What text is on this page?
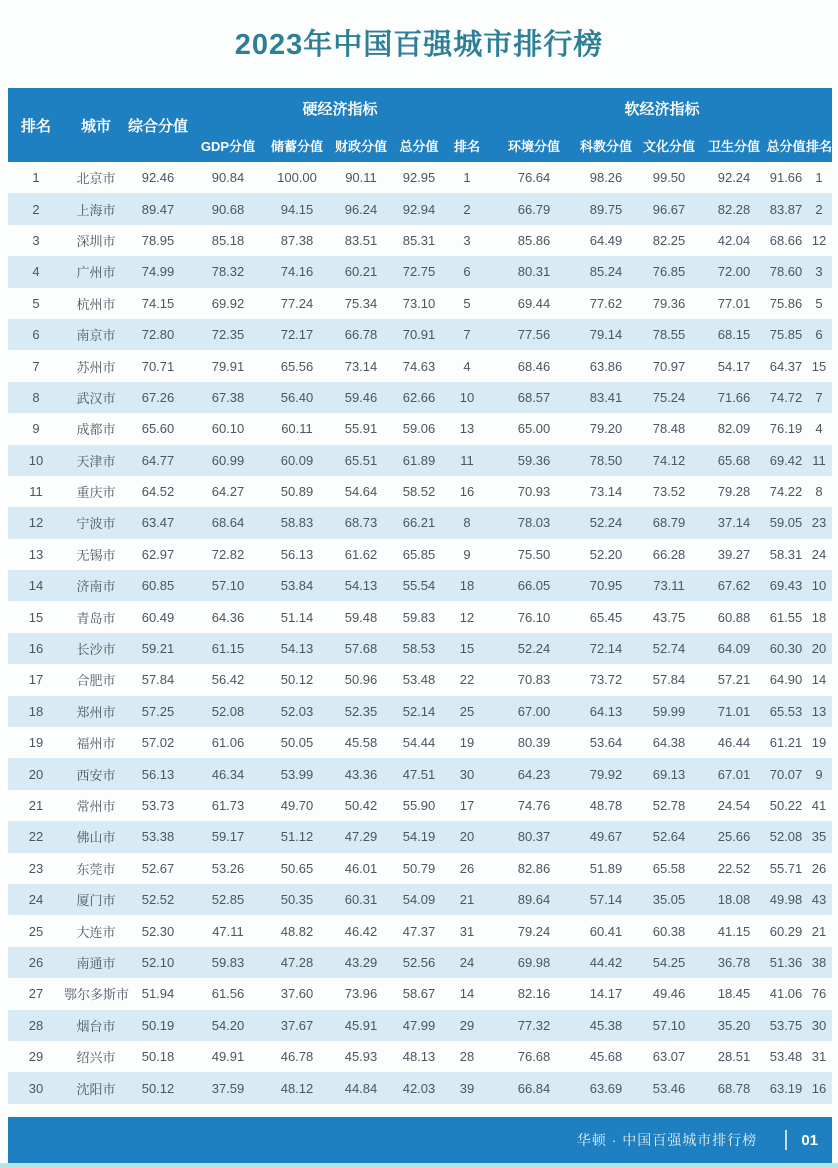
2023年中国百强城市排行榜
排名	城市	综合分值	硬经济指标					软经济指标					
			GDP分值	储蓄分值	财政分值	总分值	排名	环境分值	科教分值	文化分值	卫生分值	总分值	排名
1	北京市	92.46	90.84	100.00	90.11	92.95	1	76.64	98.26	99.50	92.24	91.66	1
2	上海市	89.47	90.68	94.15	96.24	92.94	2	66.79	89.75	96.67	82.28	83.87	2
3	深圳市	78.95	85.18	87.38	83.51	85.31	3	85.86	64.49	82.25	42.04	68.66	12
4	广州市	74.99	78.32	74.16	60.21	72.75	6	80.31	85.24	76.85	72.00	78.60	3
5	杭州市	74.15	69.92	77.24	75.34	73.10	5	69.44	77.62	79.36	77.01	75.86	5
6	南京市	72.80	72.35	72.17	66.78	70.91	7	77.56	79.14	78.55	68.15	75.85	6
7	苏州市	70.71	79.91	65.56	73.14	74.63	4	68.46	63.86	70.97	54.17	64.37	15
8	武汉市	67.26	67.38	56.40	59.46	62.66	10	68.57	83.41	75.24	71.66	74.72	7
9	成都市	65.60	60.10	60.11	55.91	59.06	13	65.00	79.20	78.48	82.09	76.19	4
10	天津市	64.77	60.99	60.09	65.51	61.89	11	59.36	78.50	74.12	65.68	69.42	11
11	重庆市	64.52	64.27	50.89	54.64	58.52	16	70.93	73.14	73.52	79.28	74.22	8
12	宁波市	63.47	68.64	58.83	68.73	66.21	8	78.03	52.24	68.79	37.14	59.05	23
13	无锡市	62.97	72.82	56.13	61.62	65.85	9	75.50	52.20	66.28	39.27	58.31	24
14	济南市	60.85	57.10	53.84	54.13	55.54	18	66.05	70.95	73.11	67.62	69.43	10
15	青岛市	60.49	64.36	51.14	59.48	59.83	12	76.10	65.45	43.75	60.88	61.55	18
16	长沙市	59.21	61.15	54.13	57.68	58.53	15	52.24	72.14	52.74	64.09	60.30	20
17	合肥市	57.84	56.42	50.12	50.96	53.48	22	70.83	73.72	57.84	57.21	64.90	14
18	郑州市	57.25	52.08	52.03	52.35	52.14	25	67.00	64.13	59.99	71.01	65.53	13
19	福州市	57.02	61.06	50.05	45.58	54.44	19	80.39	53.64	64.38	46.44	61.21	19
20	西安市	56.13	46.34	53.99	43.36	47.51	30	64.23	79.92	69.13	67.01	70.07	9
21	常州市	53.73	61.73	49.70	50.42	55.90	17	74.76	48.78	52.78	24.54	50.22	41
22	佛山市	53.38	59.17	51.12	47.29	54.19	20	80.37	49.67	52.64	25.66	52.08	35
23	东莞市	52.67	53.26	50.65	46.01	50.79	26	82.86	51.89	65.58	22.52	55.71	26
24	厦门市	52.52	52.85	50.35	60.31	54.09	21	89.64	57.14	35.05	18.08	49.98	43
25	大连市	52.30	47.11	48.82	46.42	47.37	31	79.24	60.41	60.38	41.15	60.29	21
26	南通市	52.10	59.83	47.28	43.29	52.56	24	69.98	44.42	54.25	36.78	51.36	38
27	鄂尔多斯市	51.94	61.56	37.60	73.96	58.67	14	82.16	14.17	49.46	18.45	41.06	76
28	烟台市	50.19	54.20	37.67	45.91	47.99	29	77.32	45.38	57.10	35.20	53.75	30
29	绍兴市	50.18	49.91	46.78	45.93	48.13	28	76.68	45.68	63.07	28.51	53.48	31
30	沈阳市	50.12	37.59	48.12	44.84	42.03	39	66.84	63.69	53.46	68.78	63.19	16
华顿 · 中国百强城市排行榜	01
